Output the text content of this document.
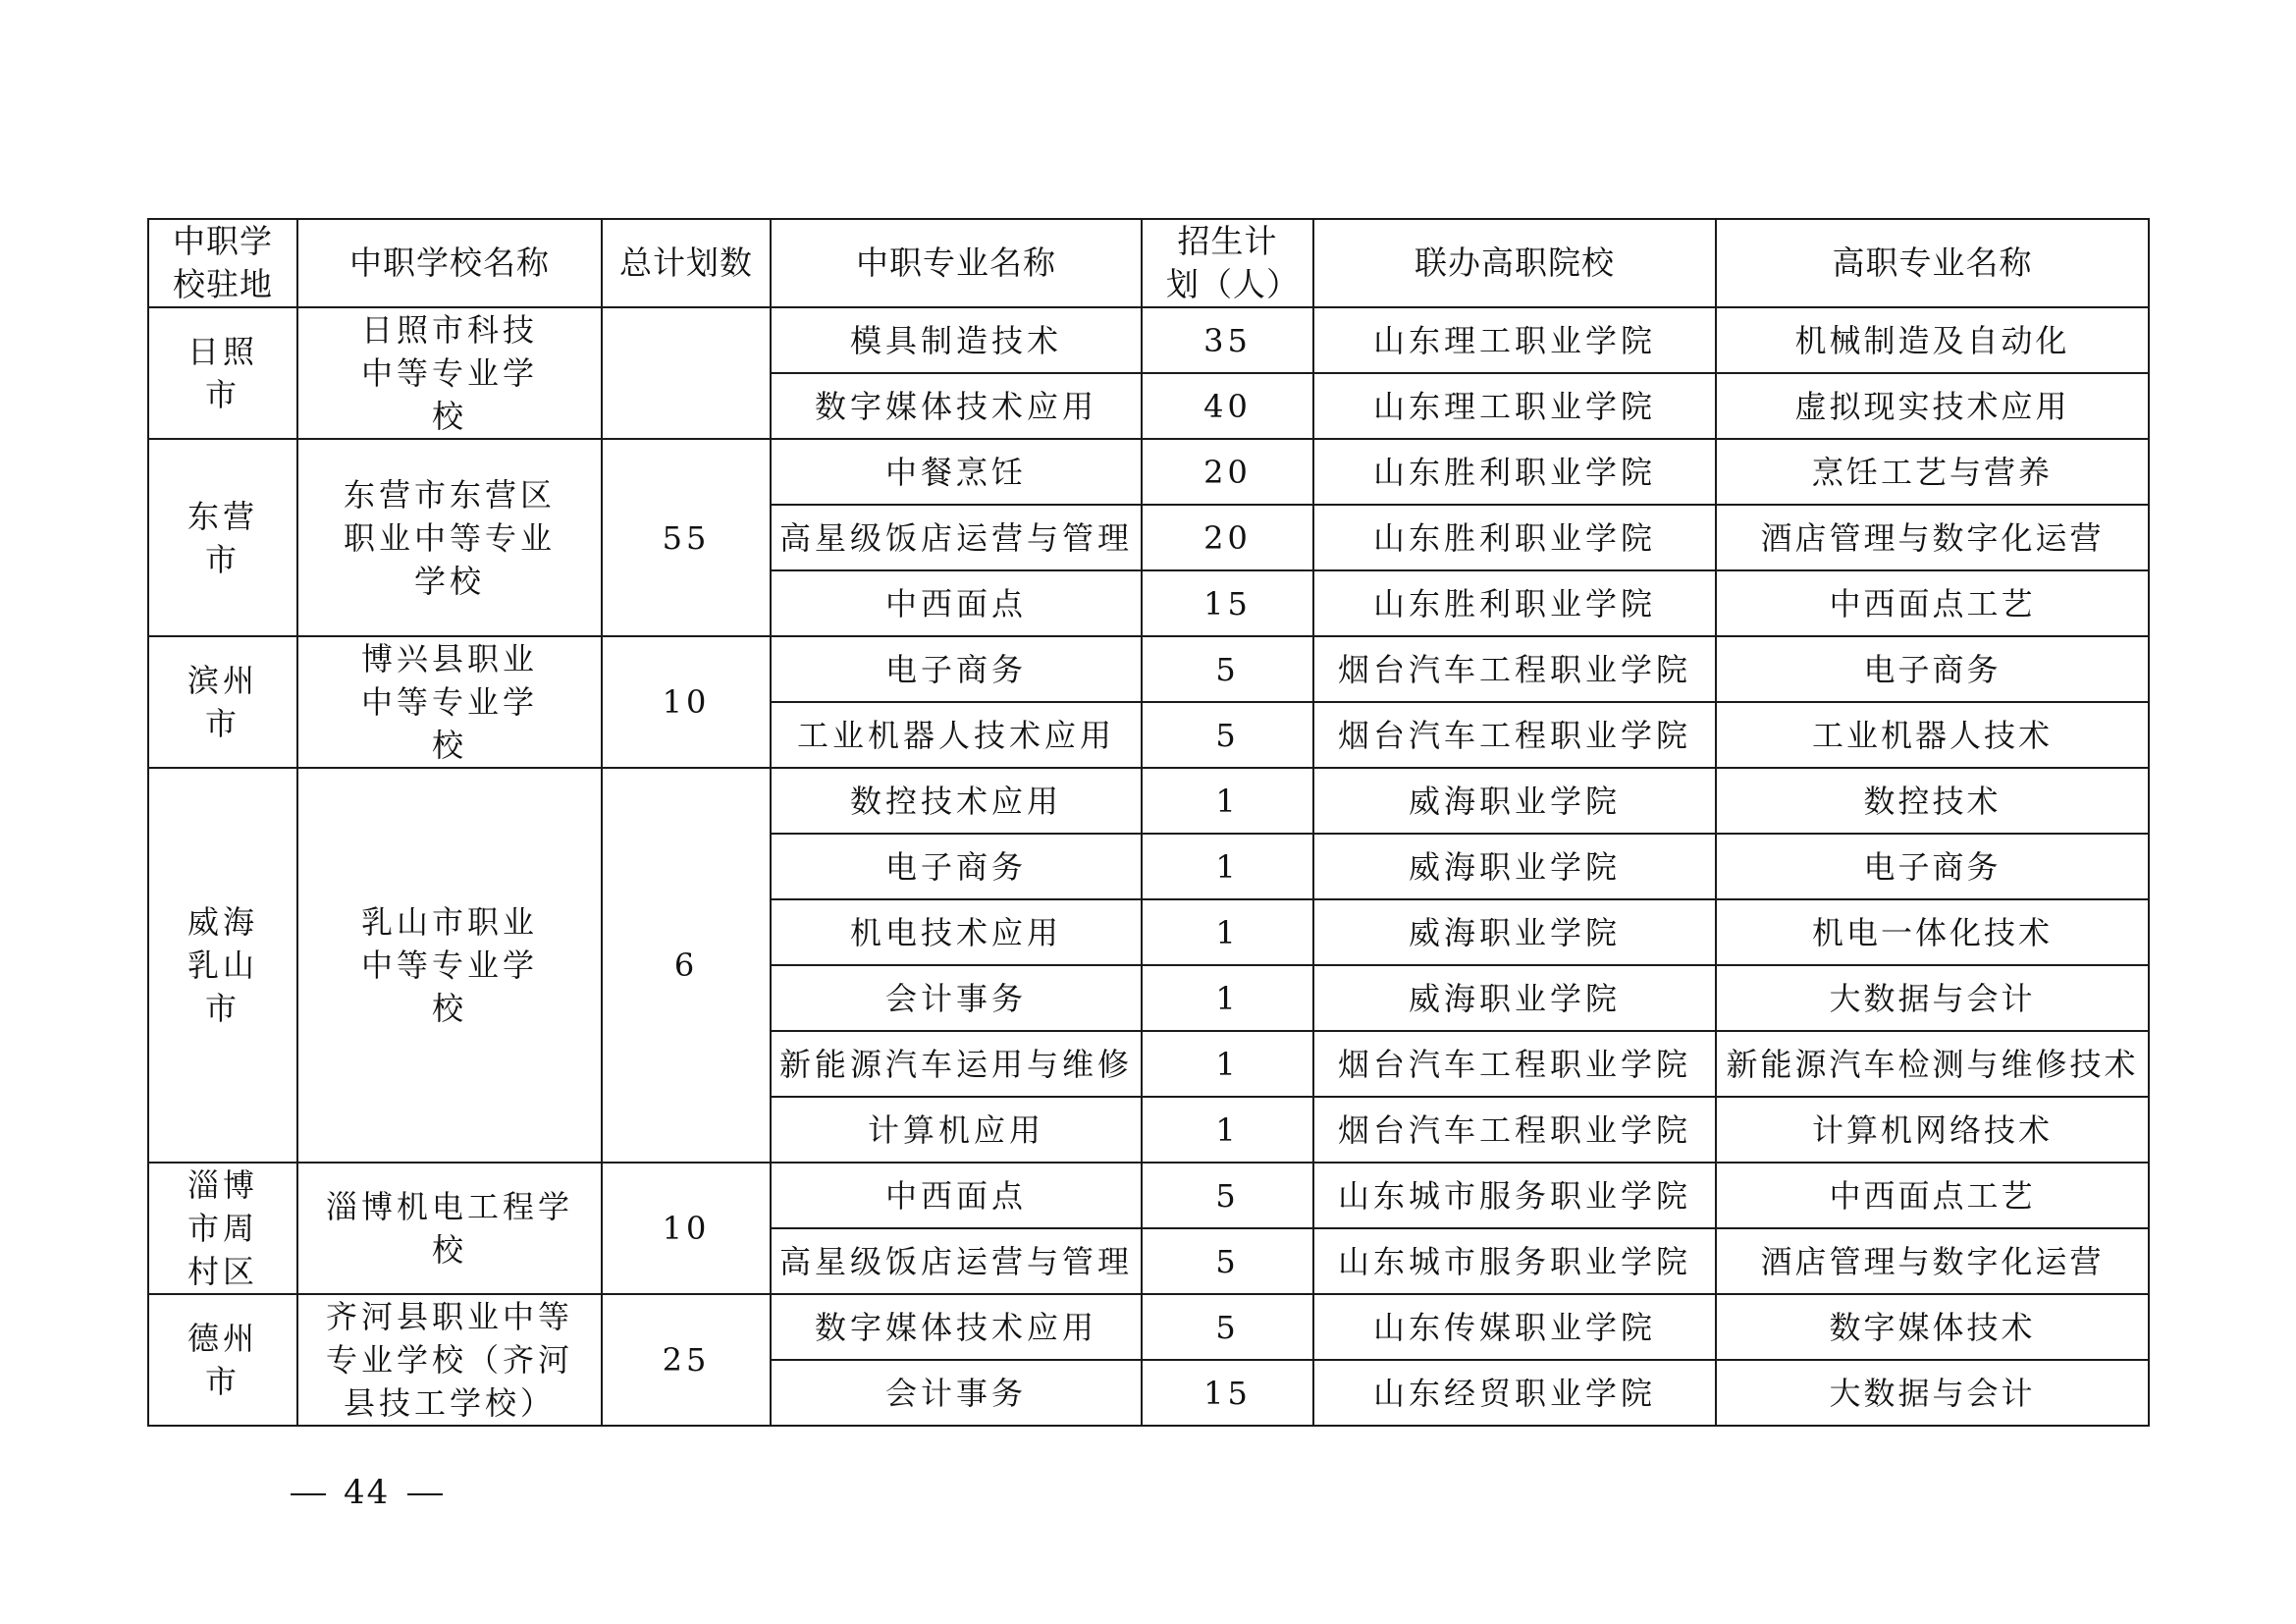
中职学校驻地	中职学校名称	总计划数	中职专业名称	招生计划（人）	联办高职院校	高职专业名称

日照市	日照市科技中等专业学校		模具制造技术	35	山东理工职业学院	机械制造及自动化
			数字媒体技术应用	40	山东理工职业学院	虚拟现实技术应用

东营市	东营市东营区职业中等专业学校	55	中餐烹饪	20	山东胜利职业学院	烹饪工艺与营养
			高星级饭店运营与管理	20	山东胜利职业学院	酒店管理与数字化运营
			中西面点	15	山东胜利职业学院	中西面点工艺

滨州市	博兴县职业中等专业学校	10	电子商务	5	烟台汽车工程职业学院	电子商务
			工业机器人技术应用	5	烟台汽车工程职业学院	工业机器人技术

威海乳山市	乳山市职业中等专业学校	6	数控技术应用	1	威海职业学院	数控技术
			电子商务	1	威海职业学院	电子商务
			机电技术应用	1	威海职业学院	机电一体化技术
			会计事务	1	威海职业学院	大数据与会计
			新能源汽车运用与维修	1	烟台汽车工程职业学院	新能源汽车检测与维修技术
			计算机应用	1	烟台汽车工程职业学院	计算机网络技术

淄博市周村区	淄博机电工程学校	10	中西面点	5	山东城市服务职业学院	中西面点工艺
			高星级饭店运营与管理	5	山东城市服务职业学院	酒店管理与数字化运营

德州市	齐河县职业中等专业学校（齐河县技工学校）	25	数字媒体技术应用	5	山东传媒职业学院	数字媒体技术
			会计事务	15	山东经贸职业学院	大数据与会计
44
